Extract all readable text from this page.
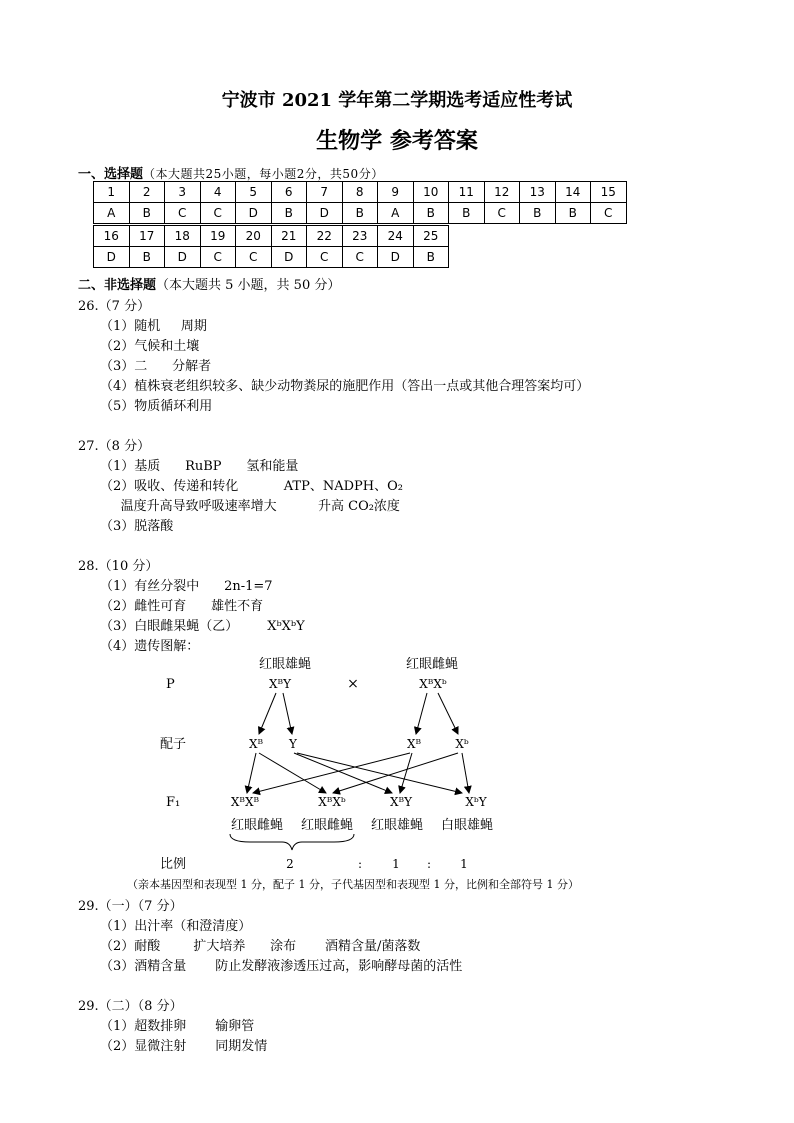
宁波市 2021 学年第二学期选考适应性考试
生物学 参考答案
一、选择题（本大题共25小题，每小题2分，共50分）
1	2	3	4	5	6	7	8	9	10	11	12	13	14	15
A	B	C	C	D	B	D	B	A	B	B	C	B	B	C
16	17	18	19	20	21	22	23	24	25
D	B	D	C	C	D	C	C	D	B
二、非选择题（本大题共 5 小题，共 50 分）
26.（7 分）
（1）随机     周期
（2）气候和土壤
（3）二      分解者
（4）植株衰老组织较多、缺少动物粪尿的施肥作用（答出一点或其他合理答案均可）
（5）物质循环利用
27.（8 分）
（1）基质      RuBP      氢和能量
（2）吸收、传递和转化           ATP、NADPH、O₂
温度升高导致呼吸速率增大          升高 CO₂浓度
（3）脱落酸
28.（10 分）
（1）有丝分裂中      2n-1=7
（2）雌性可育      雄性不育
（3）白眼雌果蝇（乙）       XᵇXᵇY
（4）遗传图解：
红眼雄蝇	红眼雌蝇
P	XᴮY	×	XᴮXᵇ
配子	Xᴮ Y	Xᴮ	Xᵇ
F₁	XᴮXᴮ	XᴮXᵇ	XᴮY	XᵇY
红眼雌蝇 红眼雌蝇 红眼雄蝇 白眼雄蝇
比例	2	:	1 : 1
（亲本基因型和表现型 1 分，配子 1 分，子代基因型和表现型 1 分，比例和全部符号 1 分）
29.（一）（7 分）
（1）出汁率（和澄清度）
（2）耐酸        扩大培养      涂布       酒精含量/菌落数
（3）酒精含量       防止发酵液渗透压过高，影响酵母菌的活性
29.（二）（8 分）
（1）超数排卵       输卵管
（2）显微注射       同期发情
